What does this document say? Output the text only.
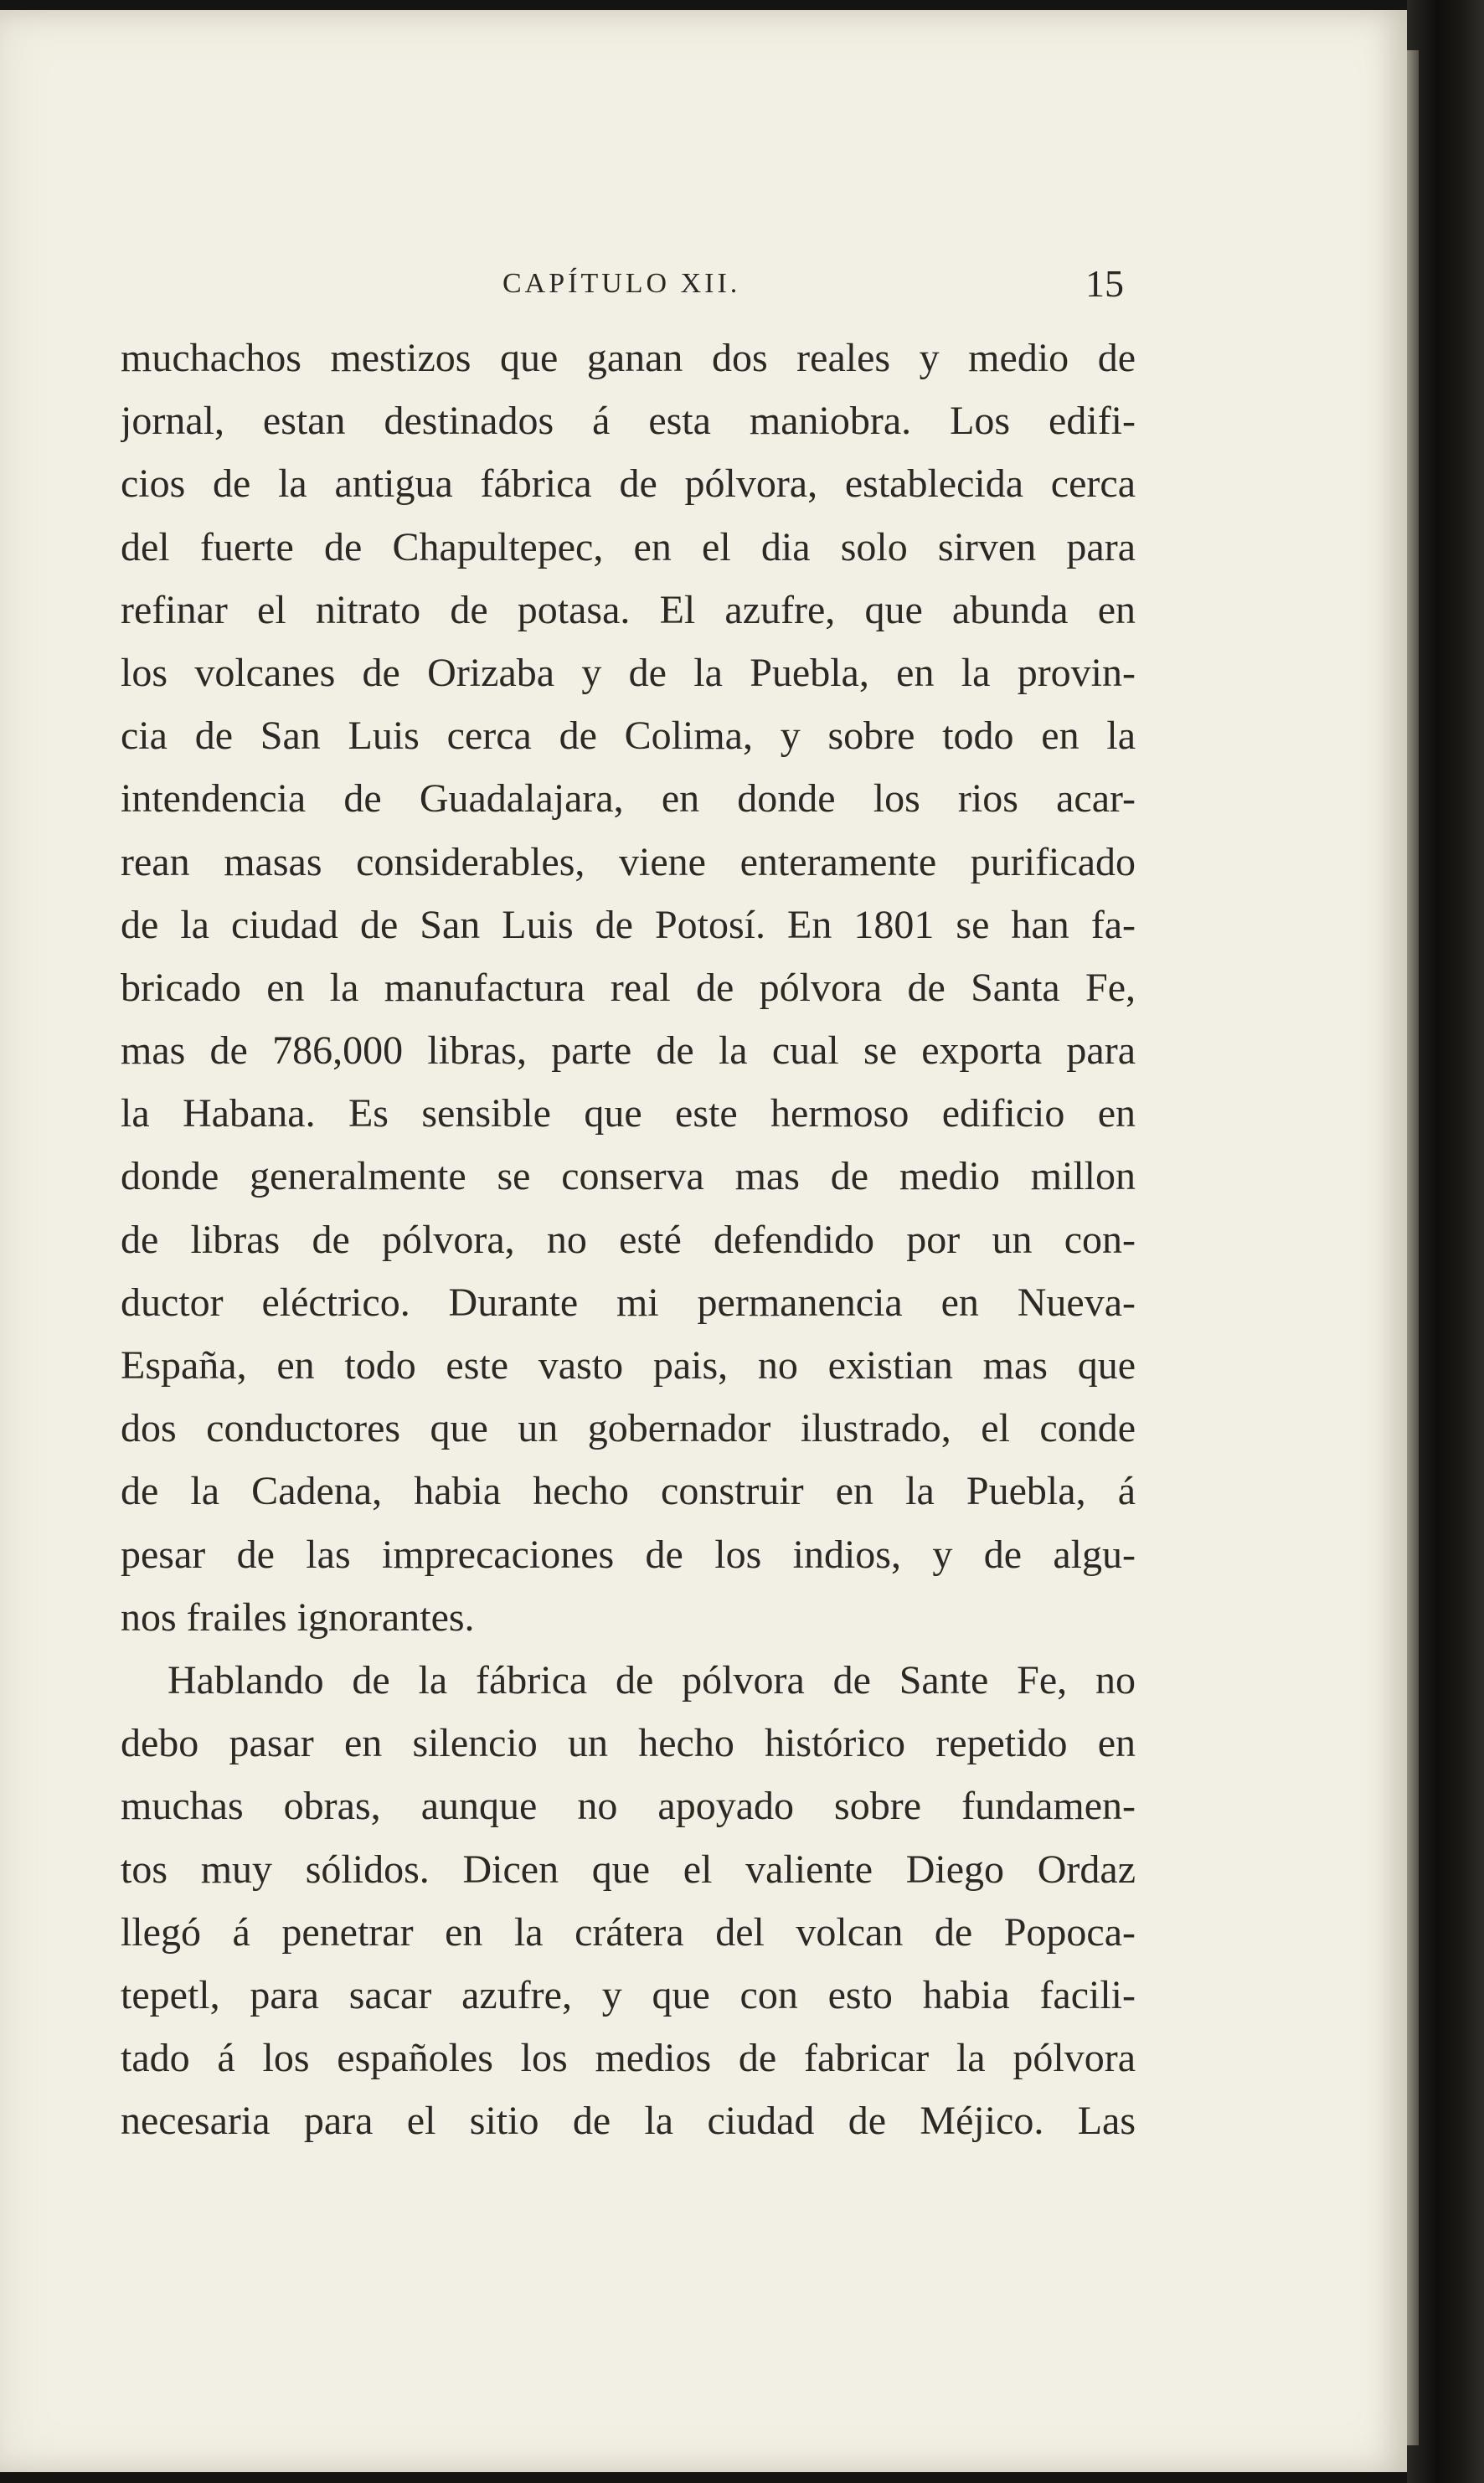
CAPÍTULO XII.	15
muchachos mestizos que ganan dos reales y medio de
jornal, estan destinados á esta maniobra. Los edifi-
cios de la antigua fábrica de pólvora, establecida cerca
del fuerte de Chapultepec, en el dia solo sirven para
refinar el nitrato de potasa. El azufre, que abunda en
los volcanes de Orizaba y de la Puebla, en la provin-
cia de San Luis cerca de Colima, y sobre todo en la
intendencia de Guadalajara, en donde los rios acar-
rean masas considerables, viene enteramente purificado
de la ciudad de San Luis de Potosí. En 1801 se han fa-
bricado en la manufactura real de pólvora de Santa Fe,
mas de 786,000 libras, parte de la cual se exporta para
la Habana. Es sensible que este hermoso edificio en
donde generalmente se conserva mas de medio millon
de libras de pólvora, no esté defendido por un con-
ductor eléctrico. Durante mi permanencia en Nueva-
España, en todo este vasto pais, no existian mas que
dos conductores que un gobernador ilustrado, el conde
de la Cadena, habia hecho construir en la Puebla, á
pesar de las imprecaciones de los indios, y de algu-
nos frailes ignorantes.
Hablando de la fábrica de pólvora de Sante Fe, no
debo pasar en silencio un hecho histórico repetido en
muchas obras, aunque no apoyado sobre fundamen-
tos muy sólidos. Dicen que el valiente Diego Ordaz
llegó á penetrar en la crátera del volcan de Popoca-
tepetl, para sacar azufre, y que con esto habia facili-
tado á los españoles los medios de fabricar la pólvora
necesaria para el sitio de la ciudad de Méjico. Las
